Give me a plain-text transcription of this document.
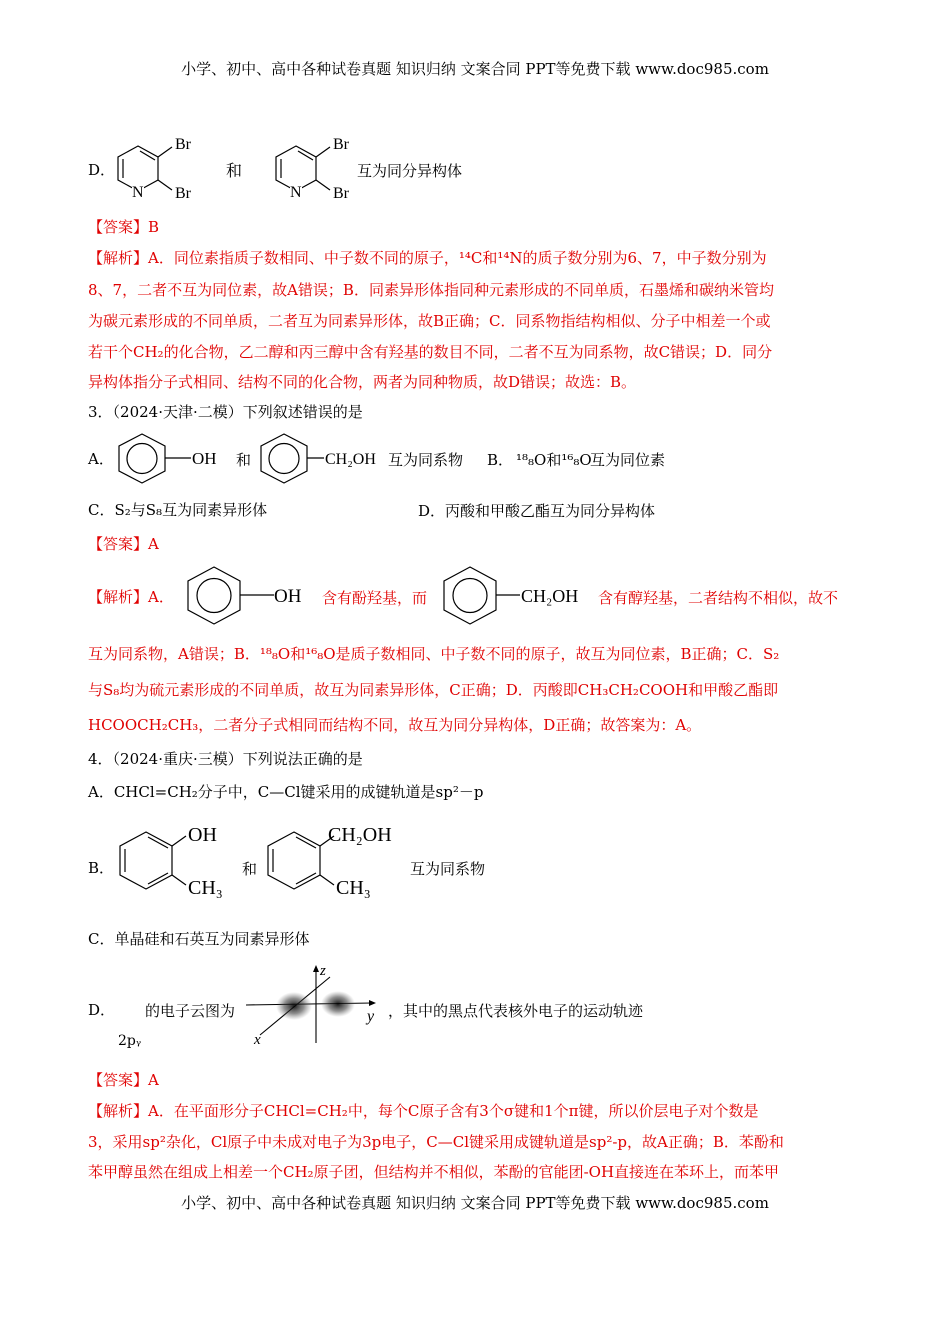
小学、初中、高中各种试卷真题 知识归纳 文案合同 PPT等免费下载 www.doc985.com
D．
N
Br
Br
和
N
Br
Br
互为同分异构体
【答案】B
【解析】A．同位素指质子数相同、中子数不同的原子，¹⁴C和¹⁴N的质子数分别为6、7，中子数分别为
8、7，二者不互为同位素，故A错误；B．同素异形体指同种元素形成的不同单质，石墨烯和碳纳米管均
为碳元素形成的不同单质，二者互为同素异形体，故B正确；C．同系物指结构相似、分子中相差一个或
若干个CH₂的化合物，乙二醇和丙三醇中含有羟基的数目不同，二者不互为同系物，故C错误；D．同分
异构体指分子式相同、结构不同的化合物，两者为同种物质，故D错误；故选：B。
3．（2024·天津·二模）下列叙述错误的是
A．	OH 和	CH₂OH 互为同系物 B． ¹⁸₈O和¹⁶₈O
互为同位素
C．S₂与S₈互为同素异形体	D．丙酸和甲酸乙酯互为同分异构体
【答案】A
【解析】A．	OH 含有酚羟基，而	CH₂OH 含有醇羟基，二者结构不相似，故不
互为同系物，A错误；B．¹⁸₈O和¹⁶₈O是质子数相同、中子数不同的原子，故互为同位素，B正确；C．S₂
与S₈均为硫元素形成的不同单质，故互为同素异形体，C正确；D．丙酸即CH₃CH₂COOH和甲酸乙酯即
HCOOCH₂CH₃，二者分子式相同而结构不同，故互为同分异构体，D正确；故答案为：A。
4．（2024·重庆·三模）下列说法正确的是
A．CHCl=CH₂分子中，C—Cl键采用的成键轨道是sp²－p
B．
OH
CH₃
和
CH₂OH
CH₃
互为同系物
C．单晶硅和石英互为同素异形体
D． 的电子云图为
2pᵧ
z
y
x
，其中的黑点代表核外电子的运动轨迹
【答案】A
【解析】A．在平面形分子CHCl=CH₂中，每个C原子含有3个σ键和1个π键，所以价层电子对个数是
3，采用sp²杂化，Cl原子中未成对电子为3p电子，C—Cl键采用成键轨道是sp²-p，故A正确；B．苯酚和
苯甲醇虽然在组成上相差一个CH₂原子团，但结构并不相似，苯酚的官能团-OH直接连在苯环上，而苯甲
小学、初中、高中各种试卷真题 知识归纳 文案合同 PPT等免费下载 www.doc985.com
